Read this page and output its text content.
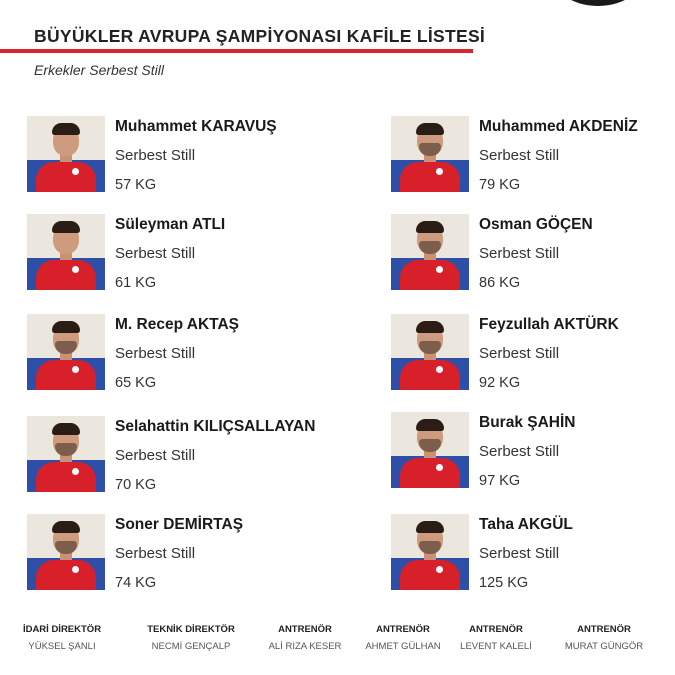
BÜYÜKLER AVRUPA ŞAMPİYONASI KAFİLE LİSTESİ
Erkekler Serbest Still
Muhammet KARAVUŞ
Serbest Still
57 KG
Süleyman ATLI
Serbest Still
61 KG
M. Recep AKTAŞ
Serbest Still
65 KG
Selahattin KILIÇSALLAYAN
Serbest Still
70 KG
Soner DEMİRTAŞ
Serbest Still
74 KG
Muhammed AKDENİZ
Serbest Still
79 KG
Osman GÖÇEN
Serbest Still
86 KG
Feyzullah AKTÜRK
Serbest Still
92 KG
Burak ŞAHİN
Serbest Still
97 KG
Taha AKGÜL
Serbest Still
125 KG
İDARİ DİREKTÖR
YÜKSEL ŞANLI
TEKNİK DİREKTÖR
NECMİ GENÇALP
ANTRENÖR
ALİ RIZA KESER
ANTRENÖR
AHMET GÜLHAN
ANTRENÖR
LEVENT KALELİ
ANTRENÖR
MURAT GÜNGÖR
